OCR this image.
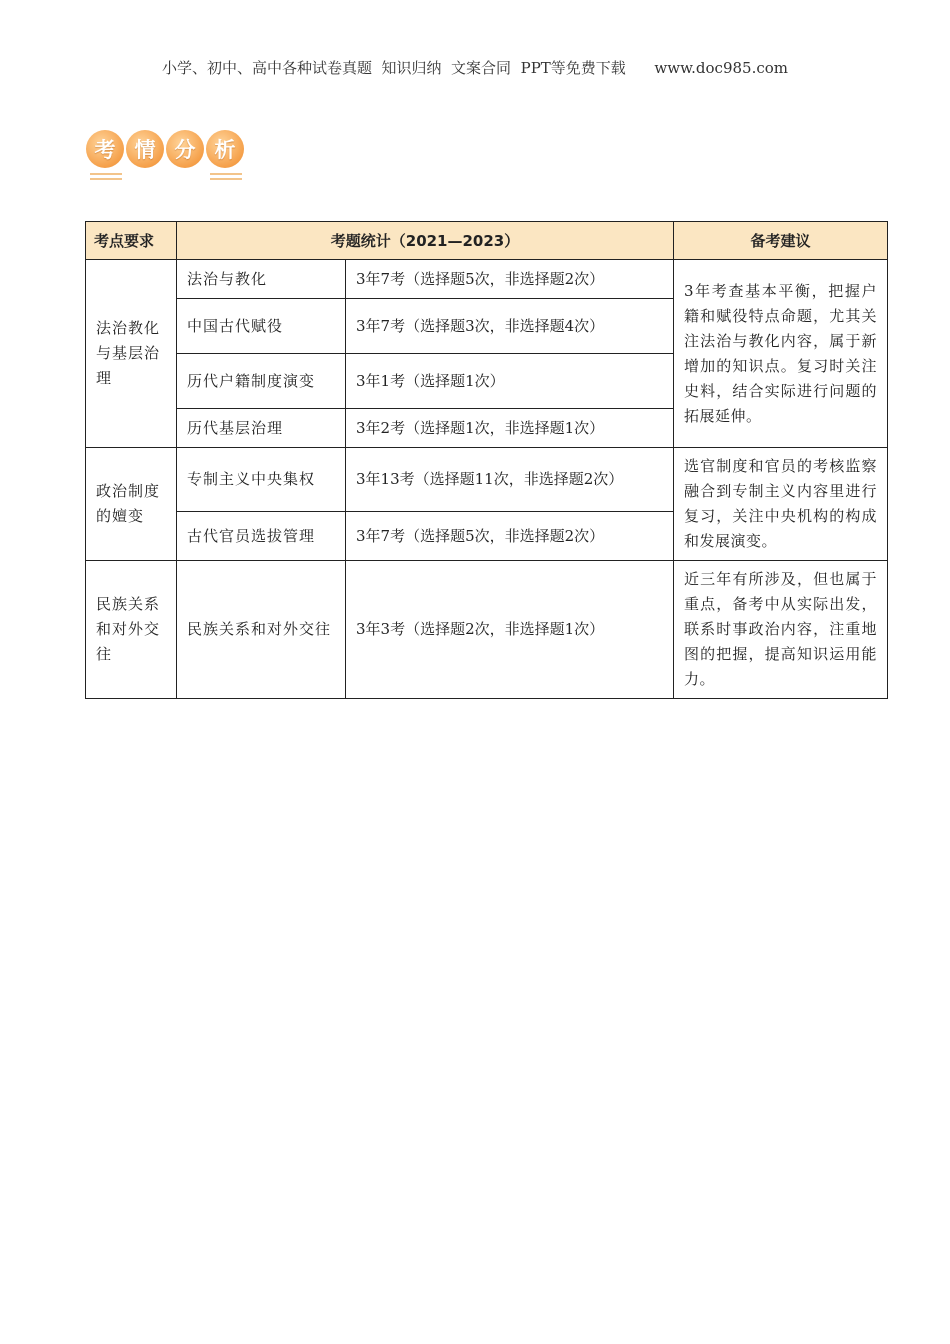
小学、初中、高中各种试卷真题  知识归纳  文案合同  PPT等免费下载 www.doc985.com
考 情 分 析
考点要求	考题统计（2021—2023）		备考建议
法治教化与基层治理	法治与教化	3年7考（选择题5次，非选择题2次）	3年考查基本平衡，把握户籍和赋役特点命题，尤其关注法治与教化内容，属于新增加的知识点。复习时关注史料，结合实际进行问题的拓展延伸。
	中国古代赋役	3年7考（选择题3次，非选择题4次）	
	历代户籍制度演变	3年1考（选择题1次）	
	历代基层治理	3年2考（选择题1次，非选择题1次）	
政治制度的嬗变	专制主义中央集权	3年13考（选择题11次，非选择题2次）	选官制度和官员的考核监察融合到专制主义内容里进行复习，关注中央机构的构成和发展演变。
	古代官员选拔管理	3年7考（选择题5次，非选择题2次）	
民族关系和对外交往	民族关系和对外交往	3年3考（选择题2次，非选择题1次）	近三年有所涉及，但也属于重点，备考中从实际出发，联系时事政治内容，注重地图的把握，提高知识运用能力。
